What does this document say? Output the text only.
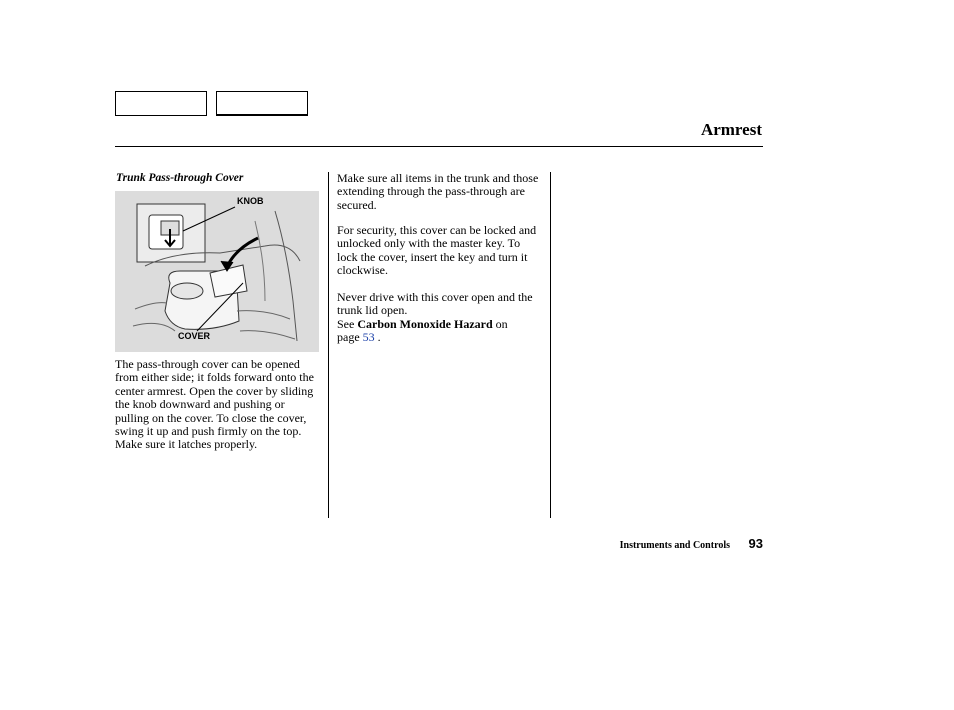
Armrest
Trunk Pass-through Cover
KNOB
COVER

The pass-through cover can be opened from either side; it folds forward onto the center armrest. Open the cover by sliding the knob downward and pushing or pulling on the cover. To close the cover, swing it up and push firmly on the top. Make sure it latches properly.

Make sure all items in the trunk and those extending through the pass-through are secured.

For security, this cover can be locked and unlocked only with the master key. To lock the cover, insert the key and turn it clockwise.

Never drive with this cover open and the trunk lid open.
See Carbon Monoxide Hazard on
page 53 .
Instruments and Controls 93
